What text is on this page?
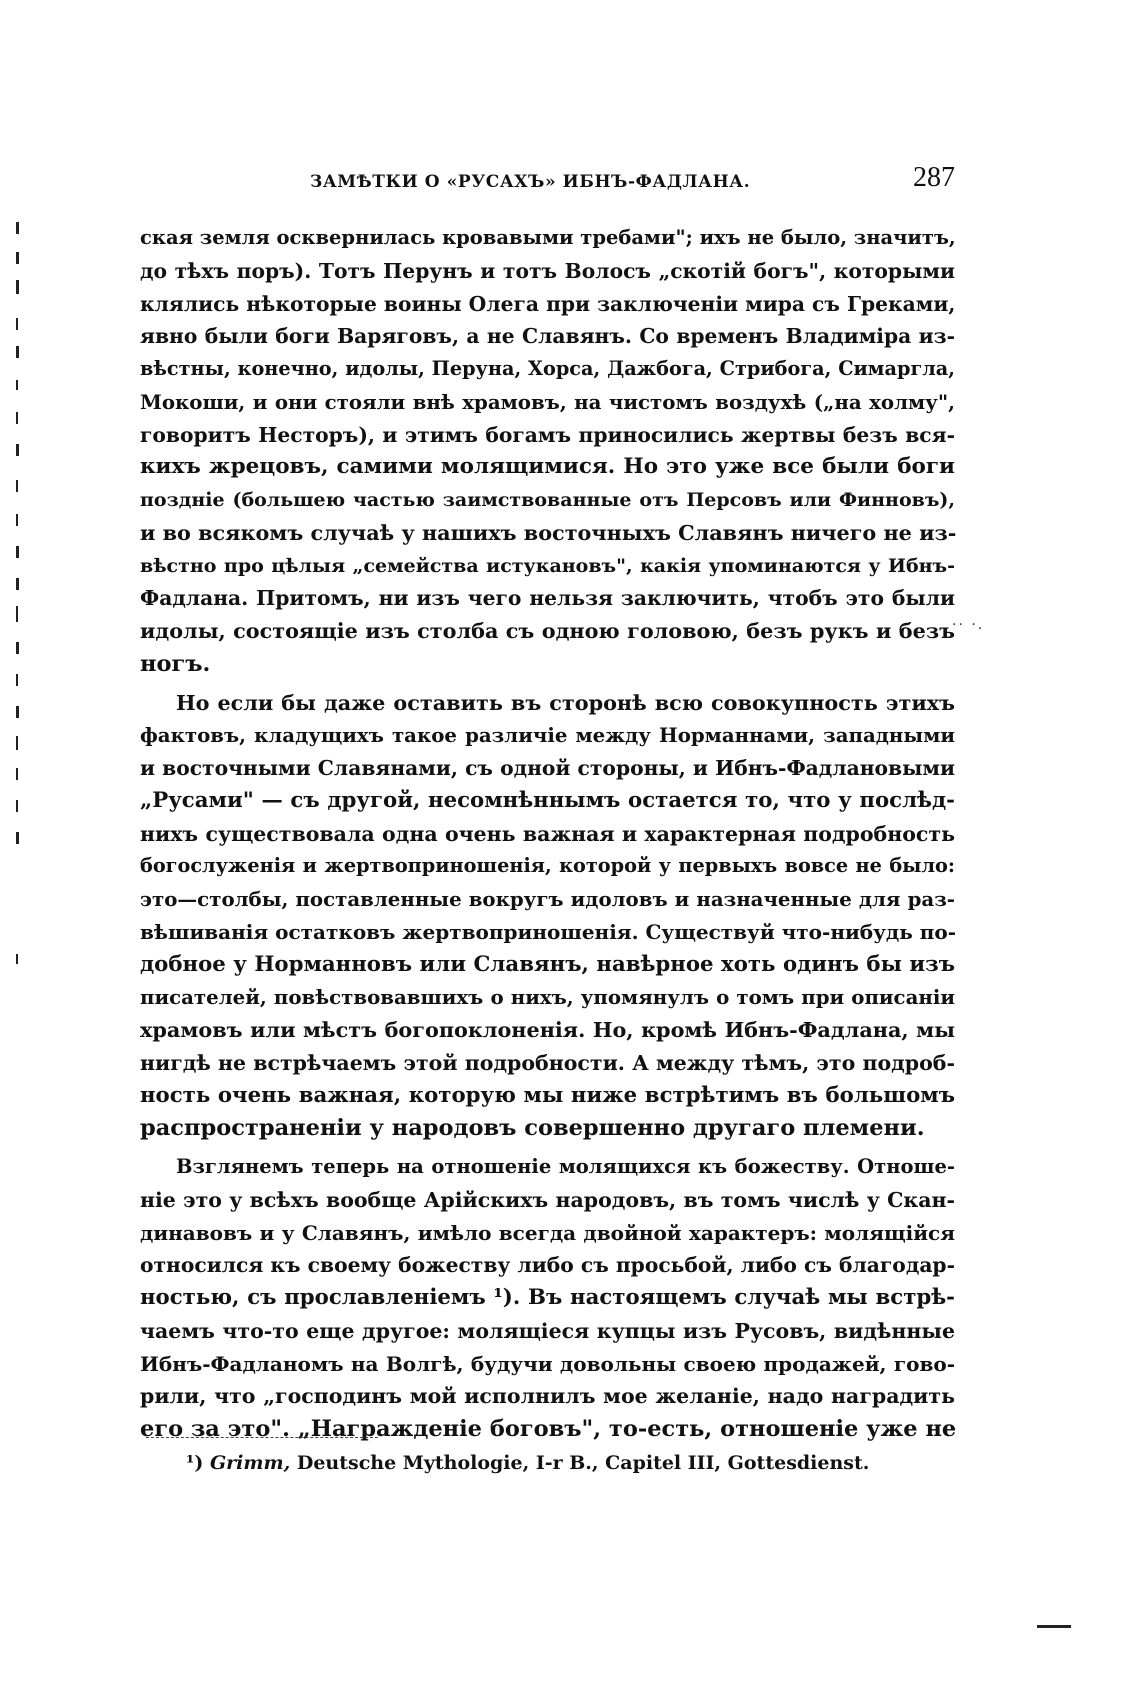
ЗАМѢТКИ О «РУСАХЪ» ИБНЪ-ФАДЛАНА.	287
ская земля осквернилась кровавыми требами"; ихъ не было, значитъ,
до тѣхъ поръ). Тотъ Перунъ и тотъ Волосъ „скотій богъ", которыми
клялись нѣкоторые воины Олега при заключеніи мира съ Греками,
явно были боги Варяговъ, а не Славянъ. Со временъ Владиміра из-
вѣстны, конечно, идолы, Перуна, Хорса, Дажбога, Стрибога, Симаргла,
Мокоши, и они стояли внѣ храмовъ, на чистомъ воздухѣ („на холму",
говоритъ Несторъ), и этимъ богамъ приносились жертвы безъ вся-
кихъ жрецовъ, самими молящимися. Но это уже все были боги
поздніе (большею частью заимствованные отъ Персовъ или Финновъ),
и во всякомъ случаѣ у нашихъ восточныхъ Славянъ ничего не из-
вѣстно про цѣлыя „семейства истукановъ", какія упоминаются у Ибнъ-
Фадлана. Притомъ, ни изъ чего нельзя заключить, чтобъ это были
идолы, состоящіе изъ столба съ одною головою, безъ рукъ и безъ
ногъ.
Но если бы даже оставить въ сторонѣ всю совокупность этихъ
фактовъ, кладущихъ такое различіе между Норманнами, западными
и восточными Славянами, съ одной стороны, и Ибнъ-Фадлановыми
„Русами" — съ другой, несомнѣннымъ остается то, что у послѣд-
нихъ существовала одна очень важная и характерная подробность
богослуженія и жертвоприношенія, которой у первыхъ вовсе не было:
это—столбы, поставленные вокругъ идоловъ и назначенные для раз-
вѣшиванія остатковъ жертвоприношенія. Существуй что-нибудь по-
добное у Норманновъ или Славянъ, навѣрное хоть одинъ бы изъ
писателей, повѣствовавшихъ о нихъ, упомянулъ о томъ при описаніи
храмовъ или мѣстъ богопоклоненія. Но, кромѣ Ибнъ-Фадлана, мы
нигдѣ не встрѣчаемъ этой подробности. А между тѣмъ, это подроб-
ность очень важная, которую мы ниже встрѣтимъ въ большомъ
распространеніи у народовъ совершенно другаго племени.
Взглянемъ теперь на отношеніе молящихся къ божеству. Отноше-
ніе это у всѣхъ вообще Арійскихъ народовъ, въ томъ числѣ у Скан-
динавовъ и у Славянъ, имѣло всегда двойной характеръ: молящійся
относился къ своему божеству либо съ просьбой, либо съ благодар-
ностью, съ прославленіемъ ¹). Въ настоящемъ случаѣ мы встрѣ-
чаемъ что-то еще другое: молящіеся купцы изъ Русовъ, видѣнные
Ибнъ-Фадланомъ на Волгѣ, будучи довольны своею продажей, гово-
рили, что „господинъ мой исполнилъ мое желаніе, надо наградить
его за это". „Награжденіе боговъ", то-есть, отношеніе уже не
¹) Grimm, Deutsche Mythologie, I-r B., Capitel III, Gottesdienst.
·· ·.
